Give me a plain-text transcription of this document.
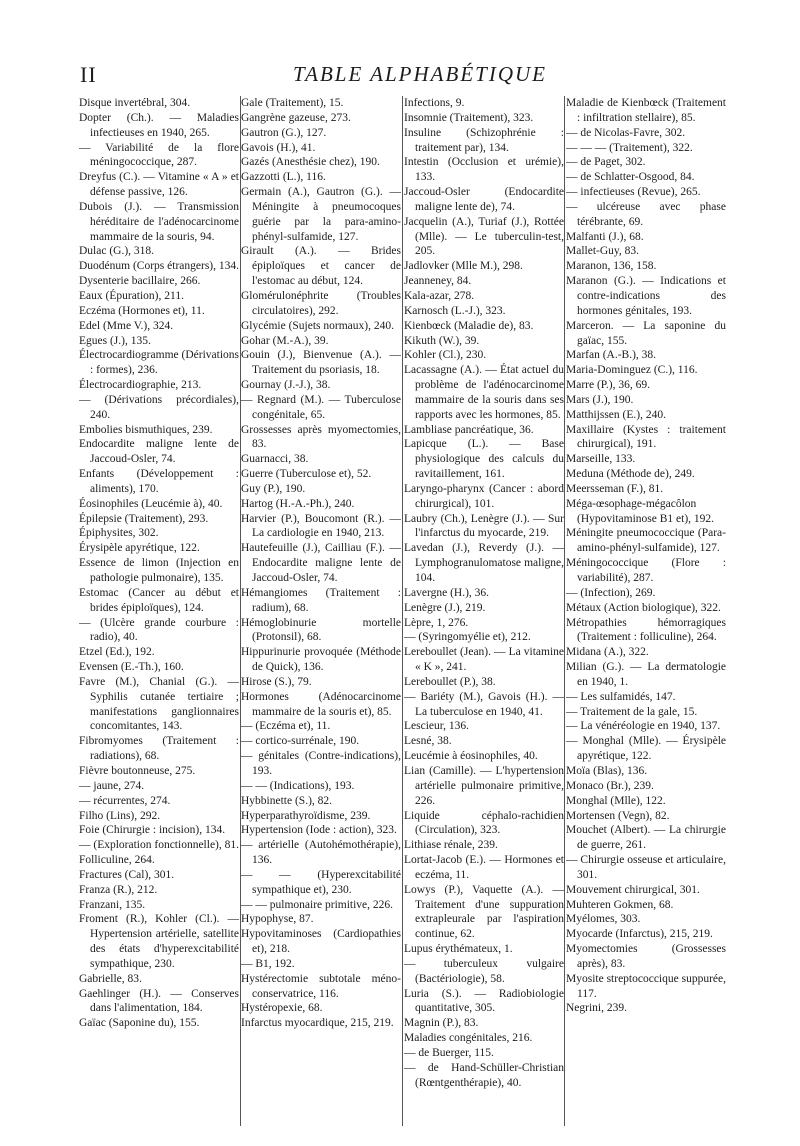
II	TABLE ALPHABÉTIQUE

Disque invertébral, 304.

Dopter (Ch.). — Maladies infectieuses en 1940, 265.

— Variabilité de la flore méningococcique, 287.

Dreyfus (C.). — Vitamine « A » et défense passive, 126.

Dubois (J.). — Transmission héréditaire de l'adénocarcinome mammaire de la souris, 94.

Dulac (G.), 318.

Duodénum (Corps étrangers), 134.

Dysenterie bacillaire, 266.

Eaux (Épuration), 211.

Eczéma (Hormones et), 11.

Edel (Mme V.), 324.

Egues (J.), 135.

Électrocardiogramme (Dérivations : formes), 236.

Électrocardiographie, 213.

— (Dérivations précordiales), 240.

Embolies bismuthiques, 239.

Endocardite maligne lente de Jaccoud-Osler, 74.

Enfants (Développement : aliments), 170.

Éosinophiles (Leucémie à), 40.

Épilepsie (Traitement), 293.

Épiphysites, 302.

Érysipèle apyrétique, 122.

Essence de limon (Injection en pathologie pulmonaire), 135.

Estomac (Cancer au début et brides épiploïques), 124.

— (Ulcère grande courbure : radio), 40.

Etzel (Ed.), 192.

Evensen (E.-Th.), 160.

Favre (M.), Chanial (G.). — Syphilis cutanée tertiaire ; manifestations ganglionnaires concomitantes, 143.

Fibromyomes (Traitement : radiations), 68.

Fièvre boutonneuse, 275.

— jaune, 274.

— récurrentes, 274.

Filho (Lins), 292.

Foie (Chirurgie : incision), 134.

— (Exploration fonctionnelle), 81.

Folliculine, 264.

Fractures (Cal), 301.

Franza (R.), 212.

Franzani, 135.

Froment (R.), Kohler (Cl.). — Hypertension artérielle, satellite des états d'hyperexcitabilité sympathique, 230.

Gabrielle, 83.

Gaehlinger (H.). — Conserves dans l'alimentation, 184.

Gaïac (Saponine du), 155.

Gale (Traitement), 15.

Gangrène gazeuse, 273.

Gautron (G.), 127.

Gavois (H.), 41.

Gazés (Anesthésie chez), 190.

Gazzotti (L.), 116.

Germain (A.), Gautron (G.). — Méningite à pneumocoques guérie par la para-amino-phényl-sulfamide, 127.

Girault (A.). — Brides épiploïques et cancer de l'estomac au début, 124.

Glomérulonéphrite (Troubles circulatoires), 292.

Glycémie (Sujets normaux), 240.

Gohar (M.-A.), 39.

Gouin (J.), Bienvenue (A.). — Traitement du psoriasis, 18.

Gournay (J.-J.), 38.

— Regnard (M.). — Tuberculose congénitale, 65.

Grossesses après myomectomies, 83.

Guarnacci, 38.

Guerre (Tuberculose et), 52.

Guy (P.), 190.

Hartog (H.-A.-Ph.), 240.

Harvier (P.), Boucomont (R.). — La cardiologie en 1940, 213.

Hautefeuille (J.), Cailliau (F.). — Endocardite maligne lente de Jaccoud-Osler, 74.

Hémangiomes (Traitement : radium), 68.

Hémoglobinurie mortelle (Protonsil), 68.

Hippurinurie provoquée (Méthode de Quick), 136.

Hirose (S.), 79.

Hormones (Adénocarcinome mammaire de la souris et), 85.

— (Eczéma et), 11.

— cortico-surrénale, 190.

— génitales (Contre-indications), 193.

— — (Indications), 193.

Hybbinette (S.), 82.

Hyperparathyroïdisme, 239.

Hypertension (Iode : action), 323.

— artérielle (Autohémothérapie), 136.

— — (Hyperexcitabilité sympathique et), 230.

— — pulmonaire primitive, 226.

Hypophyse, 87.

Hypovitaminoses (Cardiopathies et), 218.

— B1, 192.

Hystérectomie subtotale méno-conservatrice, 116.

Hystéropexie, 68.

Infarctus myocardique, 215, 219.

Infections, 9.

Insomnie (Traitement), 323.

Insuline (Schizophrénie : traitement par), 134.

Intestin (Occlusion et urémie), 133.

Jaccoud-Osler (Endocardite maligne lente de), 74.

Jacquelin (A.), Turiaf (J.), Rottée (Mlle). — Le tuberculin-test, 205.

Jadlovker (Mlle M.), 298.

Jeanneney, 84.

Kala-azar, 278.

Karnosch (L.-J.), 323.

Kienbœck (Maladie de), 83.

Kikuth (W.), 39.

Kohler (Cl.), 230.

Lacassagne (A.). — État actuel du problème de l'adénocarcinome mammaire de la souris dans ses rapports avec les hormones, 85.

Lambliase pancréatique, 36.

Lapicque (L.). — Base physiologique des calculs du ravitaillement, 161.

Laryngo-pharynx (Cancer : abord chirurgical), 101.

Laubry (Ch.), Lenègre (J.). — Sur l'infarctus du myocarde, 219.

Lavedan (J.), Reverdy (J.). — Lymphogranulomatose maligne, 104.

Lavergne (H.), 36.

Lenègre (J.), 219.

Lèpre, 1, 276.

— (Syringomyélie et), 212.

Lereboullet (Jean). — La vitamine « K », 241.

Lereboullet (P.), 38.

— Bariéty (M.), Gavois (H.). — La tuberculose en 1940, 41.

Lescieur, 136.

Lesné, 38.

Leucémie à éosinophiles, 40.

Lian (Camille). — L'hypertension artérielle pulmonaire primitive, 226.

Liquide céphalo-rachidien (Circulation), 323.

Lithiase rénale, 239.

Lortat-Jacob (E.). — Hormones et eczéma, 11.

Lowys (P.), Vaquette (A.). — Traitement d'une suppuration extrapleurale par l'aspiration continue, 62.

Lupus érythémateux, 1.

— tuberculeux vulgaire (Bactériologie), 58.

Luria (S.). — Radiobiologie quantitative, 305.

Magnin (P.), 83.

Maladies congénitales, 216.

— de Buerger, 115.

— de Hand-Schüller-Christian (Rœntgenthérapie), 40.

Maladie de Kienbœck (Traitement : infiltration stellaire), 85.

— de Nicolas-Favre, 302.

— — — (Traitement), 322.

— de Paget, 302.

— de Schlatter-Osgood, 84.

— infectieuses (Revue), 265.

— ulcéreuse avec phase térébrante, 69.

Malfanti (J.), 68.

Mallet-Guy, 83.

Maranon, 136, 158.

Maranon (G.). — Indications et contre-indications des hormones génitales, 193.

Marceron. — La saponine du gaïac, 155.

Marfan (A.-B.), 38.

Maria-Dominguez (C.), 116.

Marre (P.), 36, 69.

Mars (J.), 190.

Matthijssen (E.), 240.

Maxillaire (Kystes : traitement chirurgical), 191.

Marseille, 133.

Meduna (Méthode de), 249.

Meersseman (F.), 81.

Méga-œsophage-mégacôlon (Hypovitaminose B1 et), 192.

Méningite pneumococcique (Para-amino-phényl-sulfamide), 127.

Méningococcique (Flore : variabilité), 287.

— (Infection), 269.

Métaux (Action biologique), 322.

Métropathies hémorragiques (Traitement : folliculine), 264.

Midana (A.), 322.

Milian (G.). — La dermatologie en 1940, 1.

— Les sulfamidés, 147.

— Traitement de la gale, 15.

— La vénéréologie en 1940, 137.

— Monghal (Mlle). — Érysipèle apyrétique, 122.

Moïa (Blas), 136.

Monaco (Br.), 239.

Monghal (Mlle), 122.

Mortensen (Vegn), 82.

Mouchet (Albert). — La chirurgie de guerre, 261.

— Chirurgie osseuse et articulaire, 301.

Mouvement chirurgical, 301.

Muhteren Gokmen, 68.

Myélomes, 303.

Myocarde (Infarctus), 215, 219.

Myomectomies (Grossesses après), 83.

Myosite streptococcique suppurée, 117.

Negrini, 239.
